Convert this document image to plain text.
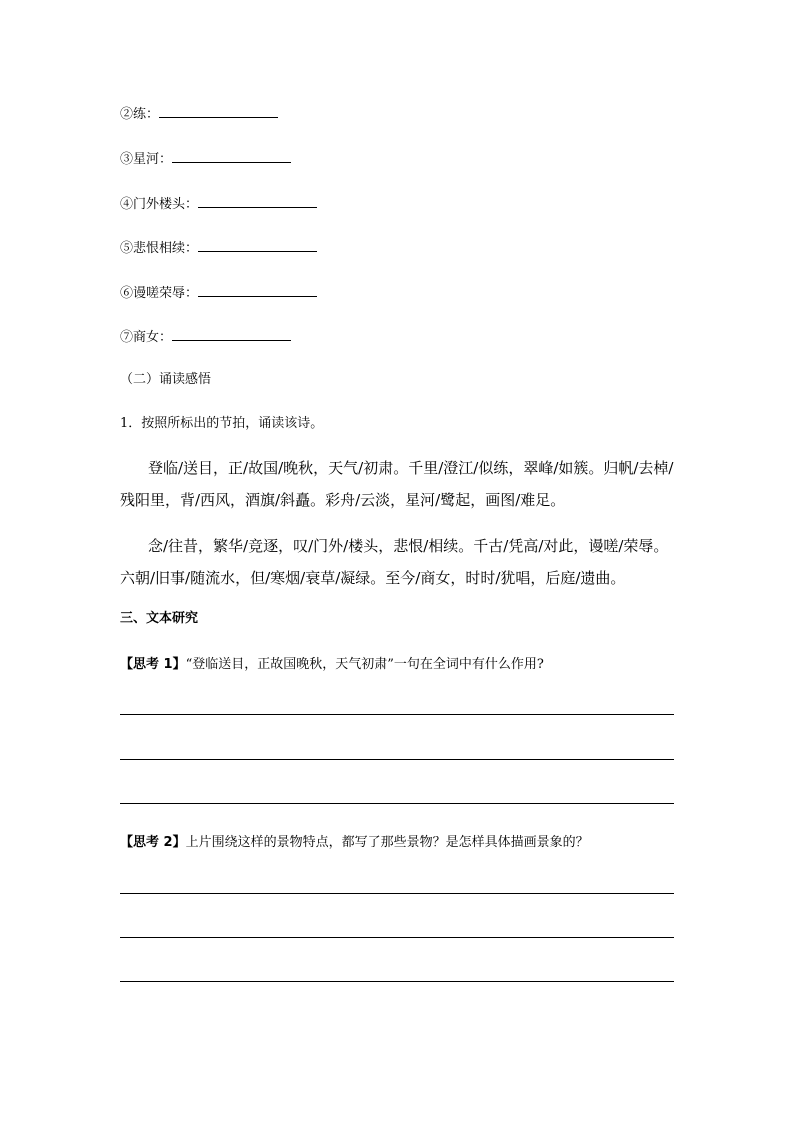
②练：
③星河：
④门外楼头：
⑤悲恨相续：
⑥谩嗟荣辱：
⑦商女：
（二）诵读感悟
1．按照所标出的节拍，诵读该诗。
登临/送目，正/故国/晚秋，天气/初肃。千里/澄江/似练，翠峰/如簇。归帆/去棹/残阳里，背/西风，酒旗/斜矗。彩舟/云淡，星河/鹭起，画图/难足。
念/往昔，繁华/竞逐，叹/门外/楼头，悲恨/相续。千古/凭高/对此，谩嗟/荣辱。六朝/旧事/随流水，但/寒烟/衰草/凝绿。至今/商女，时时/犹唱，后庭/遗曲。
三、文本研究
【思考 1】“登临送目，正故国晚秋，天气初肃”一句在全词中有什么作用?
【思考 2】上片围绕这样的景物特点，都写了那些景物？是怎样具体描画景象的？
